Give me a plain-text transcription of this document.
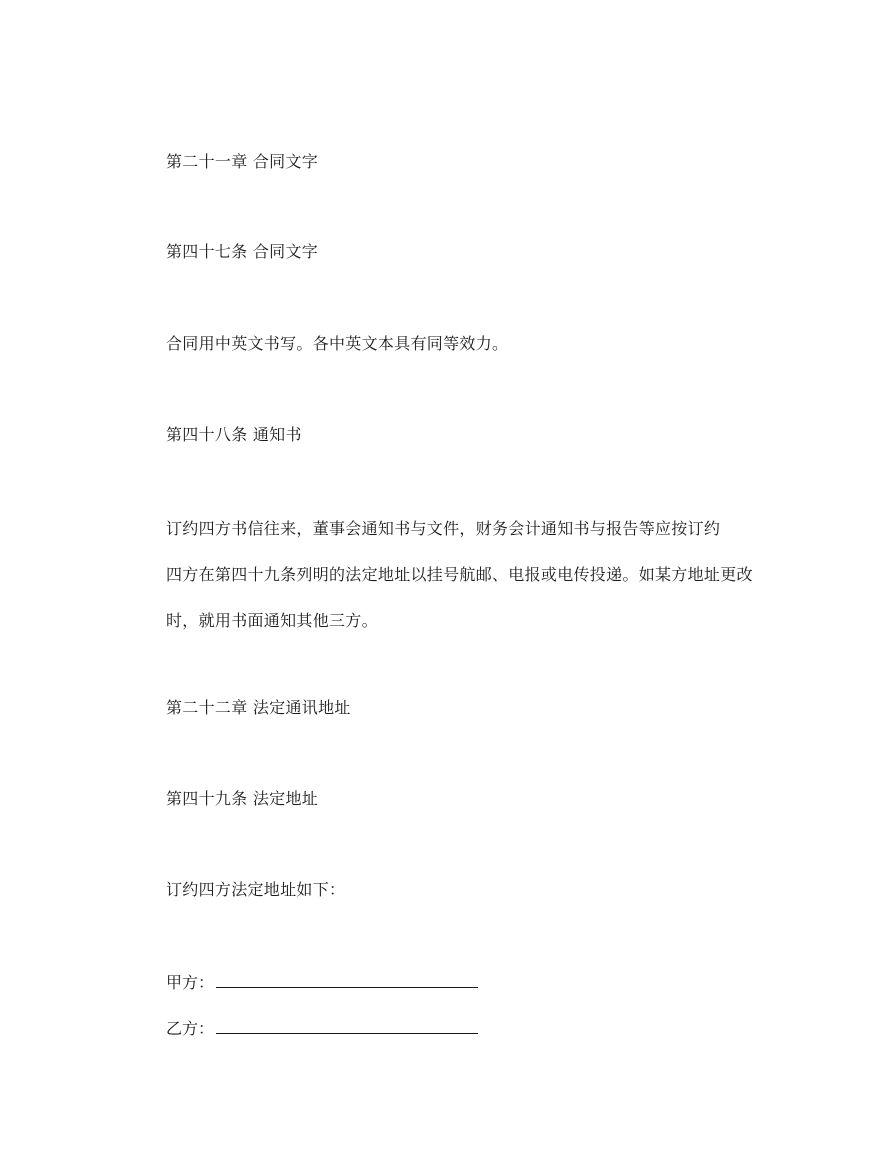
第二十一章 合同文字
第四十七条 合同文字
合同用中英文书写。各中英文本具有同等效力。
第四十八条 通知书
订约四方书信往来，董事会通知书与文件，财务会计通知书与报告等应按订约
四方在第四十九条列明的法定地址以挂号航邮、电报或电传投递。如某方地址更改
时，就用书面通知其他三方。
第二十二章 法定通讯地址
第四十九条 法定地址
订约四方法定地址如下：
甲方：
乙方：
